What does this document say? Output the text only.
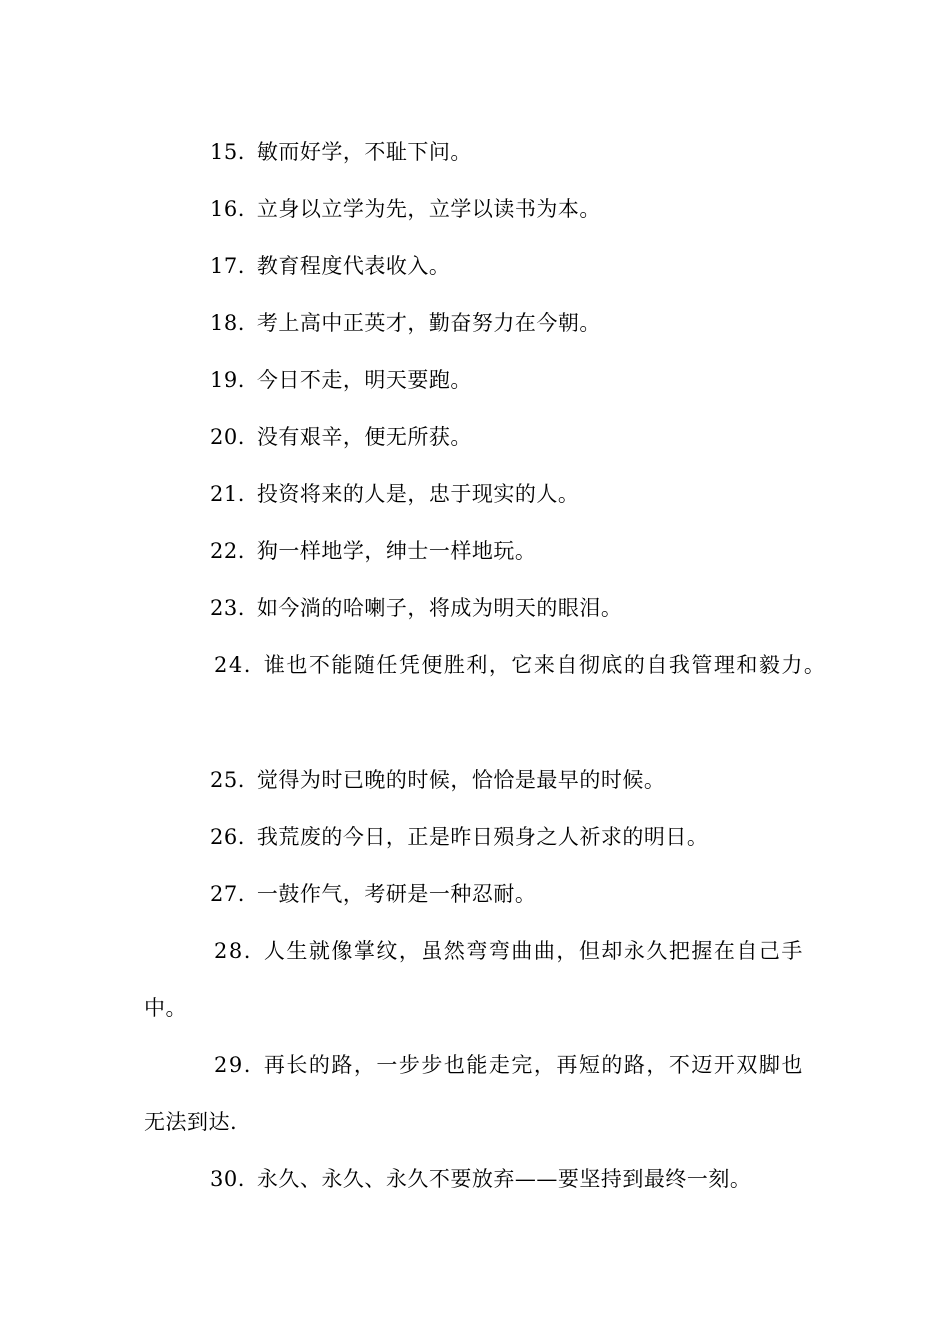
15. 敏而好学，不耻下问。
16. 立身以立学为先，立学以读书为本。
17. 教育程度代表收入。
18. 考上高中正英才，勤奋努力在今朝。
19. 今日不走，明天要跑。
20. 没有艰辛，便无所获。
21. 投资将来的人是，忠于现实的人。
22. 狗一样地学，绅士一样地玩。
23. 如今淌的哈喇子，将成为明天的眼泪。
24. 谁也不能随任凭便胜利，它来自彻底的自我管理和毅力。
25. 觉得为时已晚的时候，恰恰是最早的时候。
26. 我荒废的今日，正是昨日殒身之人祈求的明日。
27. 一鼓作气，考研是一种忍耐。
28. 人生就像掌纹，虽然弯弯曲曲，但却永久把握在自己手
中。
29. 再长的路，一步步也能走完，再短的路，不迈开双脚也
无法到达.
30. 永久、永久、永久不要放弃——要坚持到最终一刻。
